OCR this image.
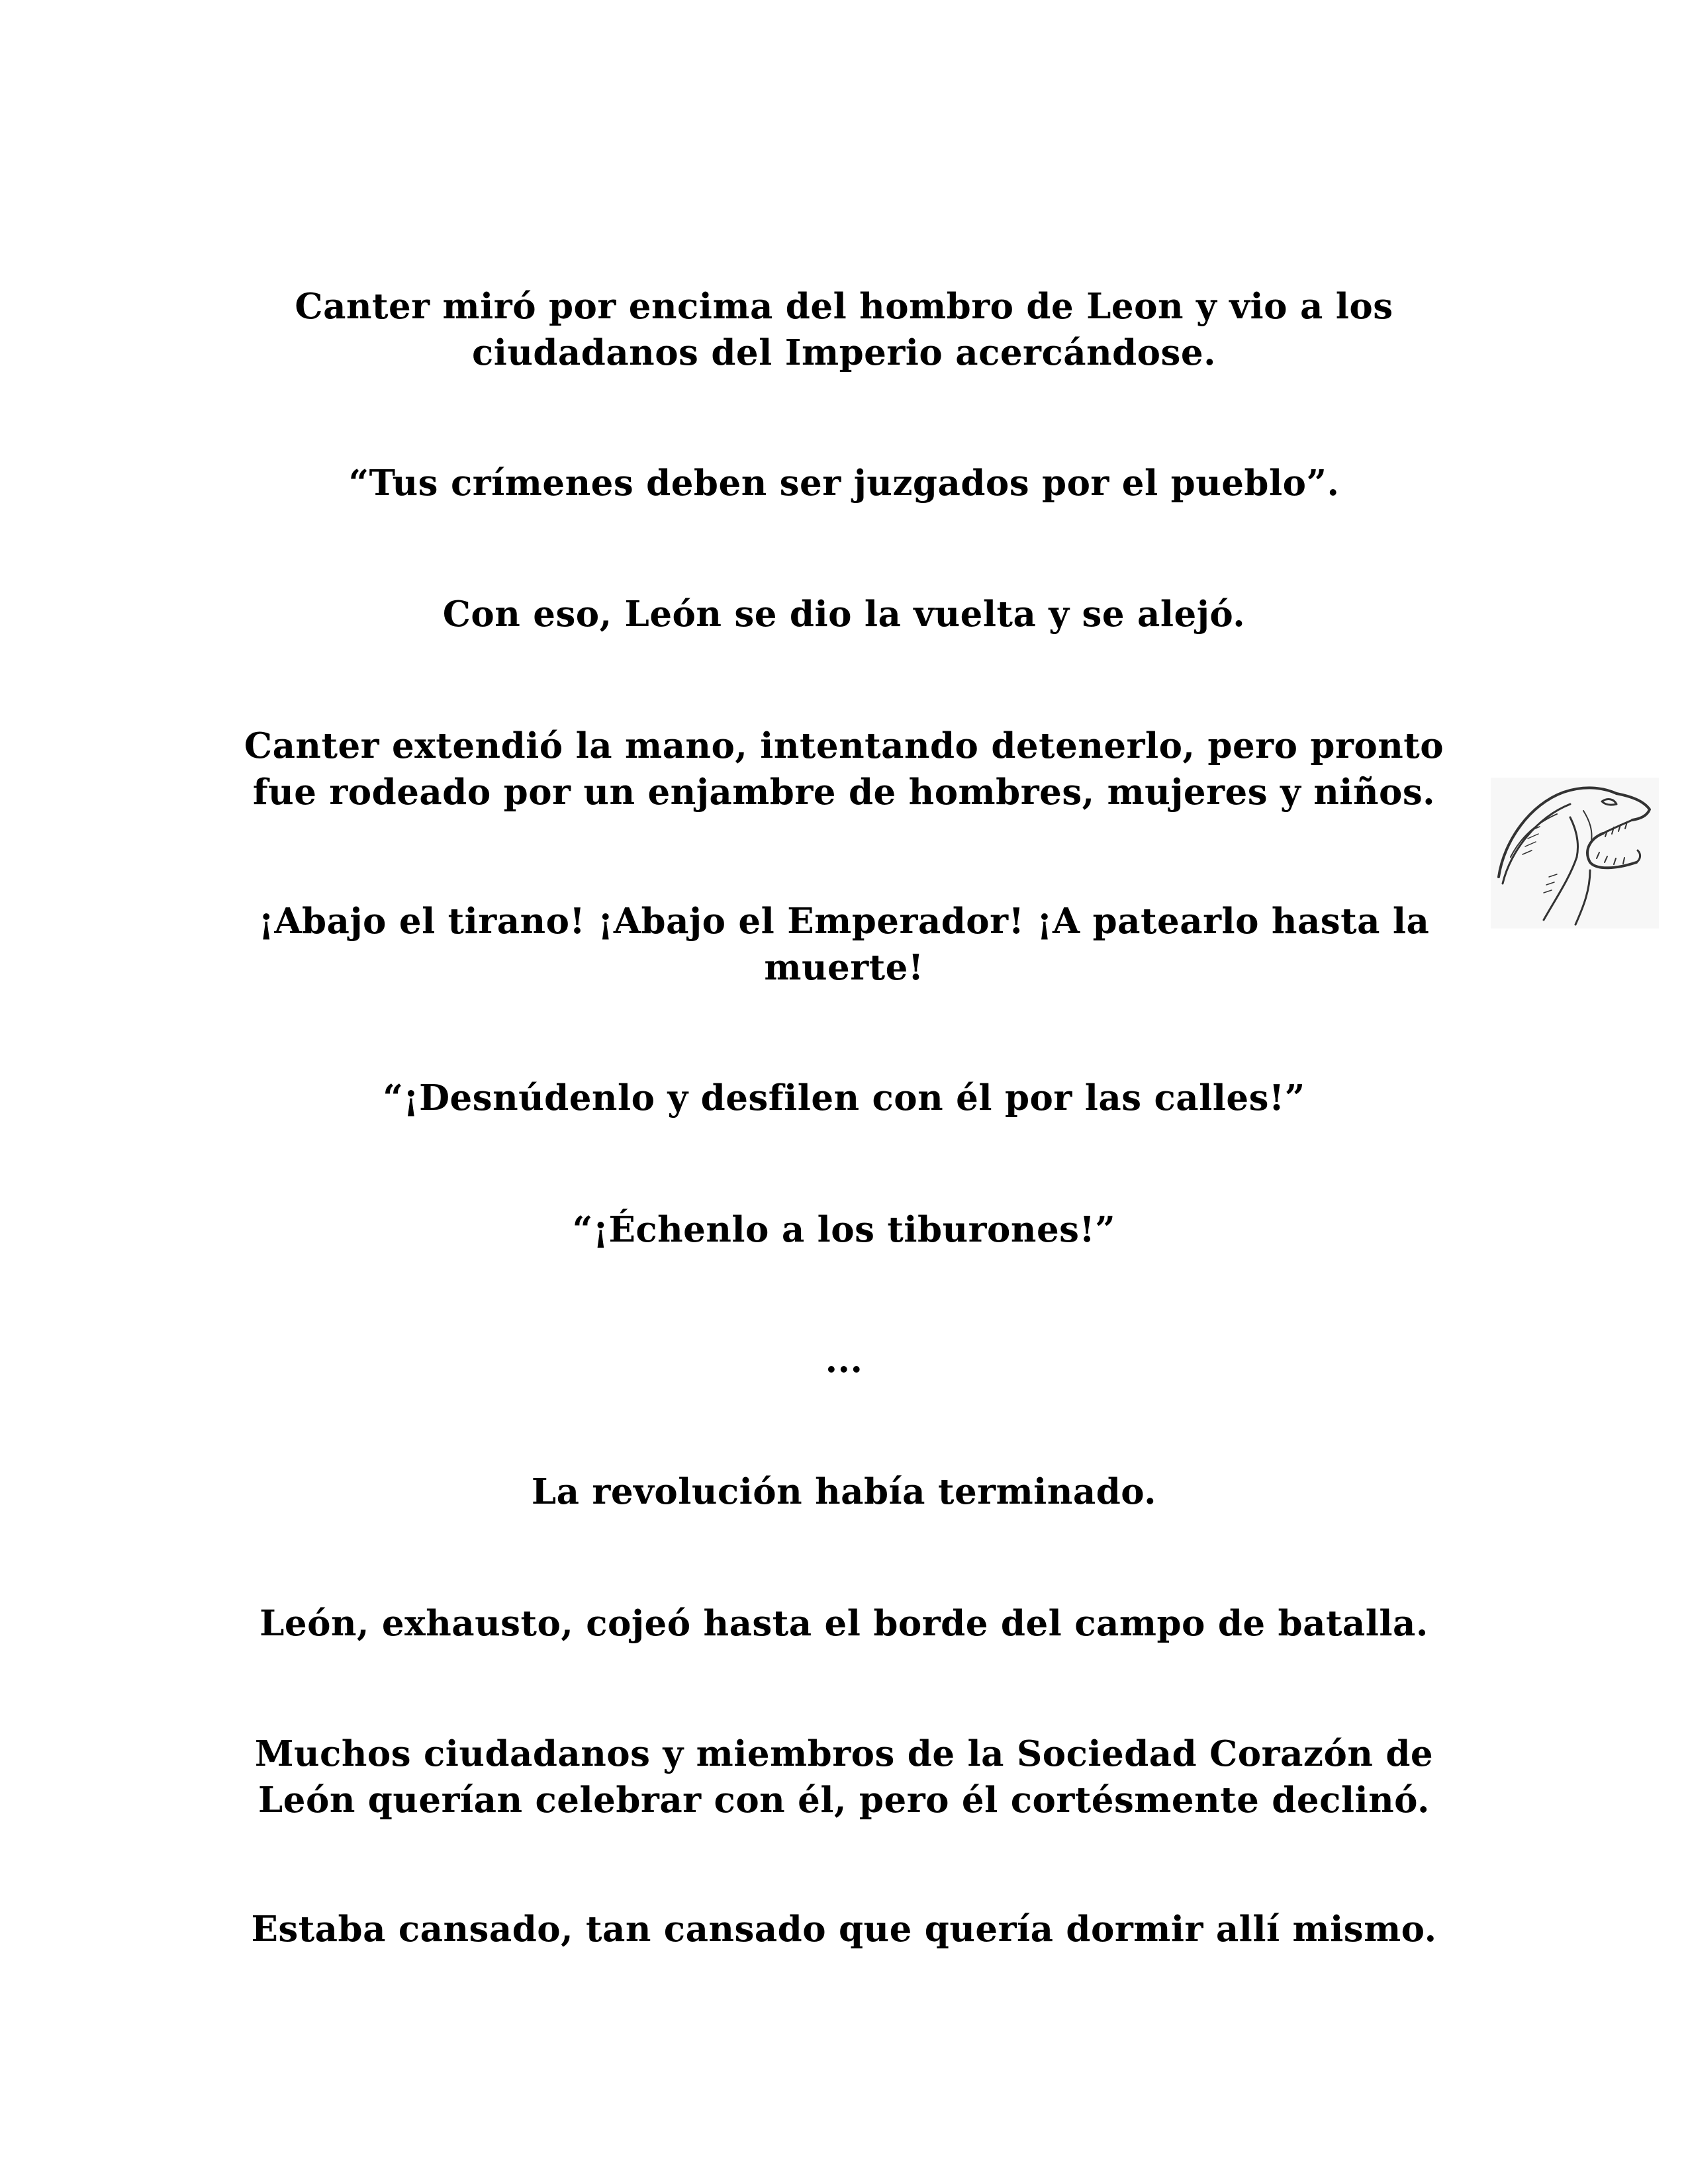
Canter miró por encima del hombro de Leon y vio a los
ciudadanos del Imperio acercándose.

“Tus crímenes deben ser juzgados por el pueblo”.

Con eso, León se dio la vuelta y se alejó.

Canter extendió la mano, intentando detenerlo, pero pronto
fue rodeado por un enjambre de hombres, mujeres y niños.

¡Abajo el tirano! ¡Abajo el Emperador! ¡A patearlo hasta la
muerte!

“¡Desnúdenlo y desfilen con él por las calles!”

“¡Échenlo a los tiburones!”

...

La revolución había terminado.

León, exhausto, cojeó hasta el borde del campo de batalla.

Muchos ciudadanos y miembros de la Sociedad Corazón de
León querían celebrar con él, pero él cortésmente declinó.

Estaba cansado, tan cansado que quería dormir allí mismo.
